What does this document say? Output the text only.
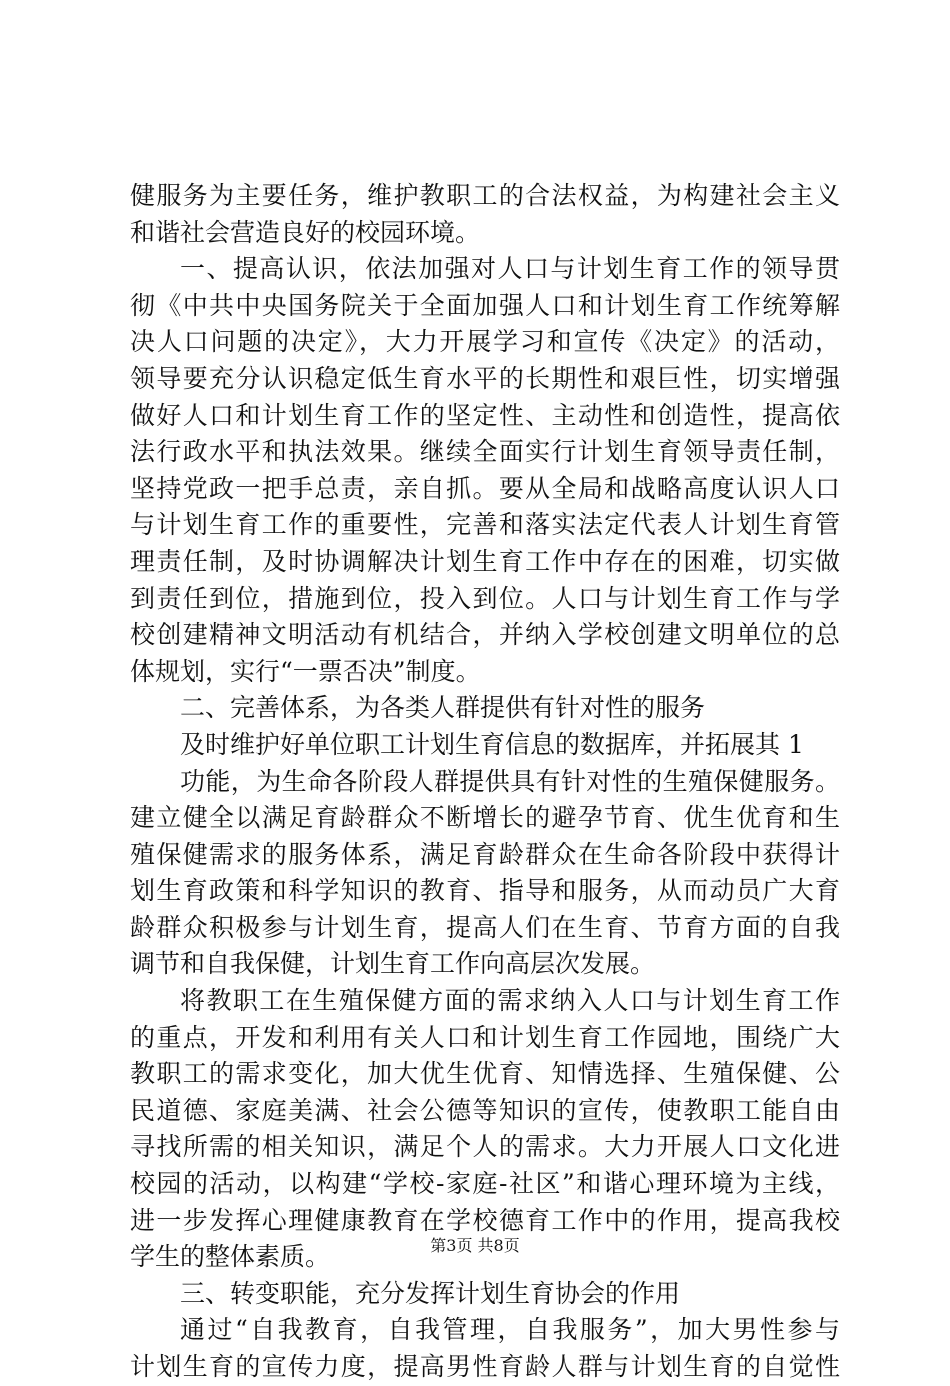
健服务为主要任务，维护教职工的合法权益，为构建社会主义
和谐社会营造良好的校园环境。
一、提高认识，依法加强对人口与计划生育工作的领导贯
彻《中共中央国务院关于全面加强人口和计划生育工作统筹解
决人口问题的决定》，大力开展学习和宣传《决定》的活动，
领导要充分认识稳定低生育水平的长期性和艰巨性，切实增强
做好人口和计划生育工作的坚定性、主动性和创造性，提高依
法行政水平和执法效果。继续全面实行计划生育领导责任制，
坚持党政一把手总责，亲自抓。要从全局和战略高度认识人口
与计划生育工作的重要性，完善和落实法定代表人计划生育管
理责任制，及时协调解决计划生育工作中存在的困难，切实做
到责任到位，措施到位，投入到位。人口与计划生育工作与学
校创建精神文明活动有机结合，并纳入学校创建文明单位的总
体规划，实行“一票否决”制度。
二、完善体系，为各类人群提供有针对性的服务
及时维护好单位职工计划生育信息的数据库，并拓展其 1
功能，为生命各阶段人群提供具有针对性的生殖保健服务。
建立健全以满足育龄群众不断增长的避孕节育、优生优育和生
殖保健需求的服务体系，满足育龄群众在生命各阶段中获得计
划生育政策和科学知识的教育、指导和服务，从而动员广大育
龄群众积极参与计划生育，提高人们在生育、节育方面的自我
调节和自我保健，计划生育工作向高层次发展。
将教职工在生殖保健方面的需求纳入人口与计划生育工作
的重点，开发和利用有关人口和计划生育工作园地，围绕广大
教职工的需求变化，加大优生优育、知情选择、生殖保健、公
民道德、家庭美满、社会公德等知识的宣传，使教职工能自由
寻找所需的相关知识，满足个人的需求。大力开展人口文化进
校园的活动，以构建“学校-家庭-社区”和谐心理环境为主线，
进一步发挥心理健康教育在学校德育工作中的作用，提高我校
学生的整体素质。
三、转变职能，充分发挥计划生育协会的作用
通过“自我教育，自我管理，自我服务”，加大男性参与
计划生育的宣传力度，提高男性育龄人群与计划生育的自觉性
第3页 共8页
